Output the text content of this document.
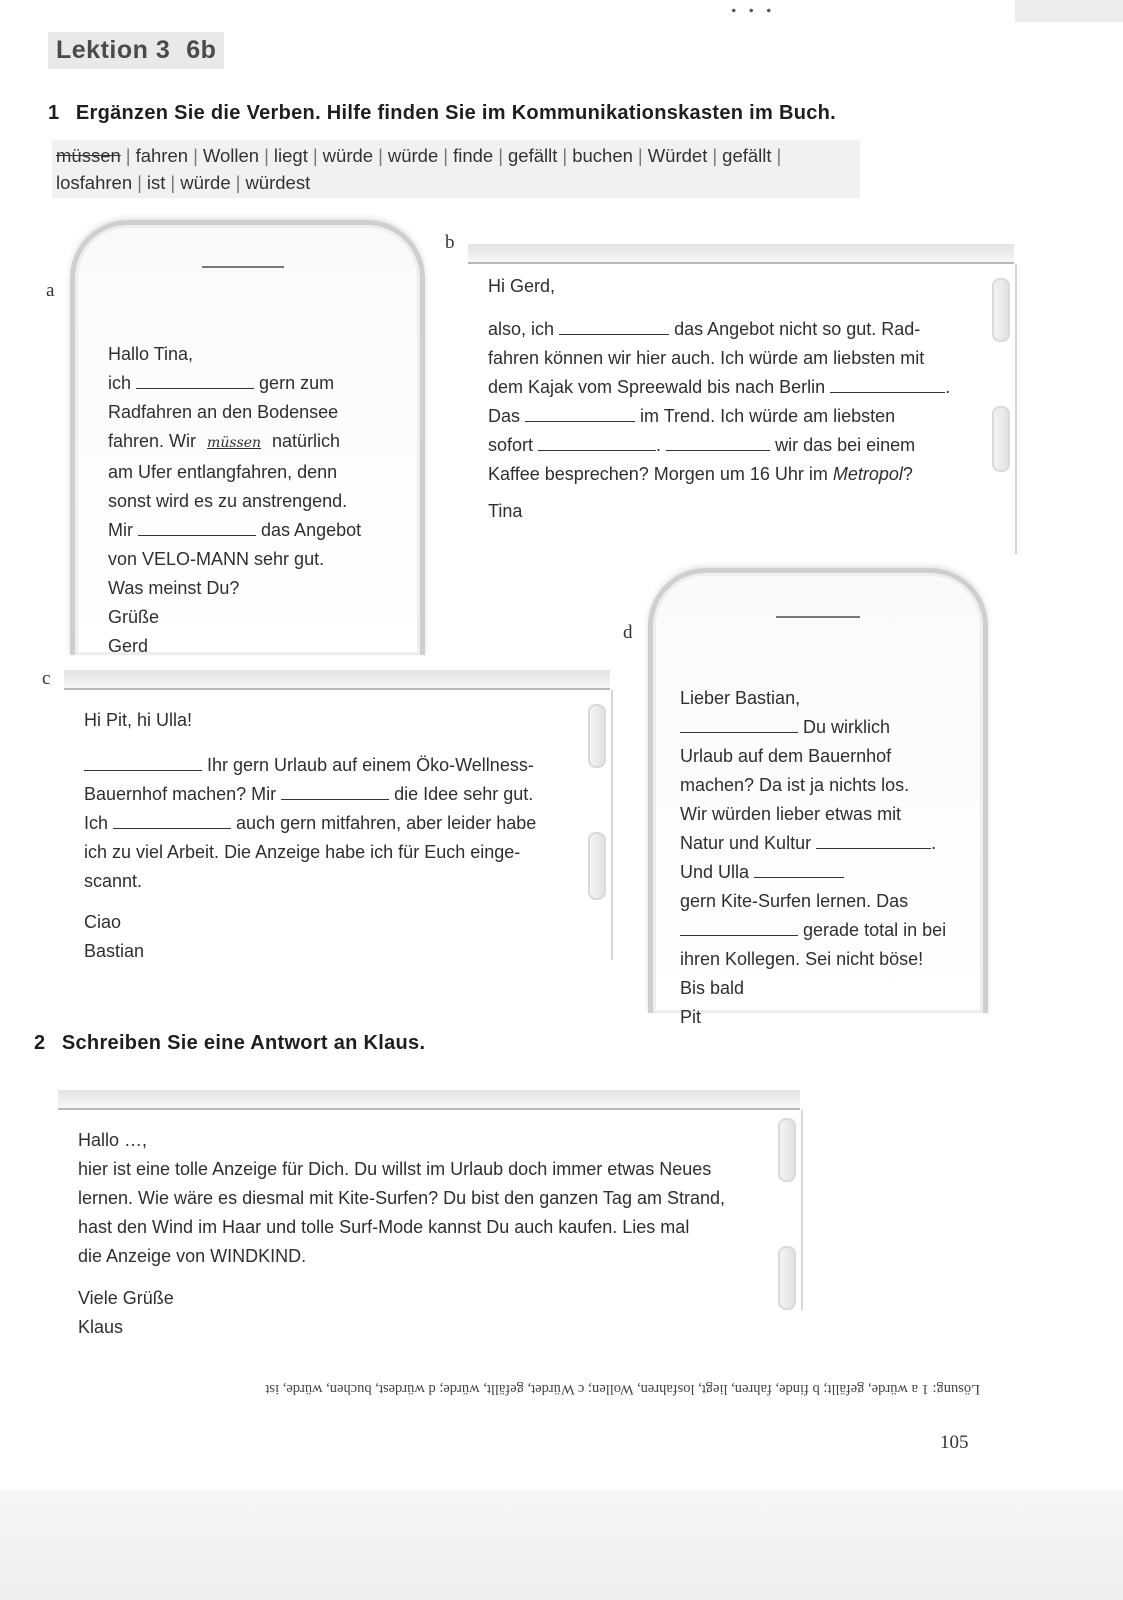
...
Lektion 3 6b
1 Ergänzen Sie die Verben. Hilfe finden Sie im Kommunikationskasten im Buch.
müssen | fahren | Wollen | liegt | würde | würde | finde | gefällt | buchen | Würdet | gefällt |
losfahren | ist | würde | würdest
a

Hallo Tina,

ich	gern zum

Radfahren an den Bodensee

fahren. Wir müssen natürlich

am Ufer entlangfahren, denn

sonst wird es zu anstrengend.

Mir	das Angebot

von VELO-MANN sehr gut.

Was meinst Du?

Grüße

Gerd

b

Hi Gerd,

also, ich	das Angebot nicht so gut. Rad-

fahren können wir hier auch. Ich würde am liebsten mit

dem Kajak vom Spreewald bis nach Berlin	.

Das	im Trend. Ich würde am liebsten

sofort	.	wir das bei einem

Kaffee besprechen? Morgen um 16 Uhr im Metropol?

Tina

d

Lieber Bastian,

Du wirklich

Urlaub auf dem Bauernhof

machen? Da ist ja nichts los.

Wir würden lieber etwas mit

Natur und Kultur	.

Und Ulla

gern Kite-Surfen lernen. Das

gerade total in bei

ihren Kollegen. Sei nicht böse!

Bis bald

Pit

c

Hi Pit, hi Ulla!

Ihr gern Urlaub auf einem Öko-Wellness-

Bauernhof machen? Mir	die Idee sehr gut.

Ich	auch gern mitfahren, aber leider habe

ich zu viel Arbeit. Die Anzeige habe ich für Euch einge-

scannt.

Ciao

Bastian

2 Schreiben Sie eine Antwort an Klaus.

Hallo …,

hier ist eine tolle Anzeige für Dich. Du willst im Urlaub doch immer etwas Neues

lernen. Wie wäre es diesmal mit Kite-Surfen? Du bist den ganzen Tag am Strand,

hast den Wind im Haar und tolle Surf-Mode kannst Du auch kaufen. Lies mal

die Anzeige von WINDKIND.

Viele Grüße

Klaus

Lösung: 1 a würde, gefällt; b finde, fahren, liegt, losfahren, Wollen; c Würdet, gefällt, würde; d würdest, buchen, würde, ist
105
